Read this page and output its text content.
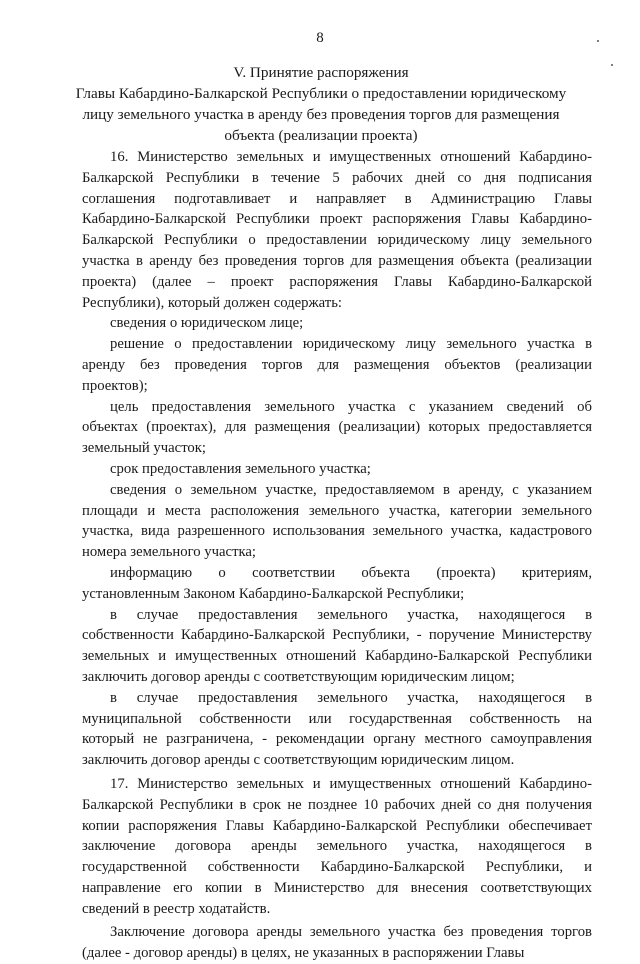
8
V. Принятие распоряжения
Главы Кабардино-Балкарской Республики о предоставлении юридическому
лицу земельного участка в аренду без проведения торгов для размещения
объекта (реализации проекта)

16. Министерство земельных и имущественных отношений Кабардино-
Балкарской Республики в течение 5 рабочих дней со дня подписания
соглашения подготавливает и направляет в Администрацию Главы
Кабардино-Балкарской Республики проект распоряжения Главы Кабардино-
Балкарской Республики о предоставлении юридическому лицу земельного
участка в аренду без проведения торгов для размещения объекта (реализации
проекта) (далее – проект распоряжения Главы Кабардино-Балкарской
Республики), который должен содержать:

сведения о юридическом лице;

решение о предоставлении юридическому лицу земельного участка в
аренду без проведения торгов для размещения объектов (реализации
проектов);

цель предоставления земельного участка с указанием сведений об
объектах (проектах), для размещения (реализации) которых предоставляется
земельный участок;

срок предоставления земельного участка;

сведения о земельном участке, предоставляемом в аренду, с указанием
площади и места расположения земельного участка, категории земельного
участка, вида разрешенного использования земельного участка, кадастрового
номера земельного участка;

информацию о соответствии объекта (проекта) критериям,
установленным Законом Кабардино-Балкарской Республики;

в случае предоставления земельного участка, находящегося в
собственности Кабардино-Балкарской Республики, - поручение Министерству
земельных и имущественных отношений Кабардино-Балкарской Республики
заключить договор аренды с соответствующим юридическим лицом;

в случае предоставления земельного участка, находящегося в
муниципальной собственности или государственная собственность на
который не разграничена, - рекомендации органу местного самоуправления
заключить договор аренды с соответствующим юридическим лицом.

17. Министерство земельных и имущественных отношений Кабардино-
Балкарской Республики в срок не позднее 10 рабочих дней со дня получения
копии распоряжения Главы Кабардино-Балкарской Республики обеспечивает
заключение договора аренды земельного участка, находящегося в
государственной собственности Кабардино-Балкарской Республики, и
направление его копии в Министерство для внесения соответствующих
сведений в реестр ходатайств.

Заключение договора аренды земельного участка без проведения торгов
(далее - договор аренды) в целях, не указанных в распоряжении Главы
